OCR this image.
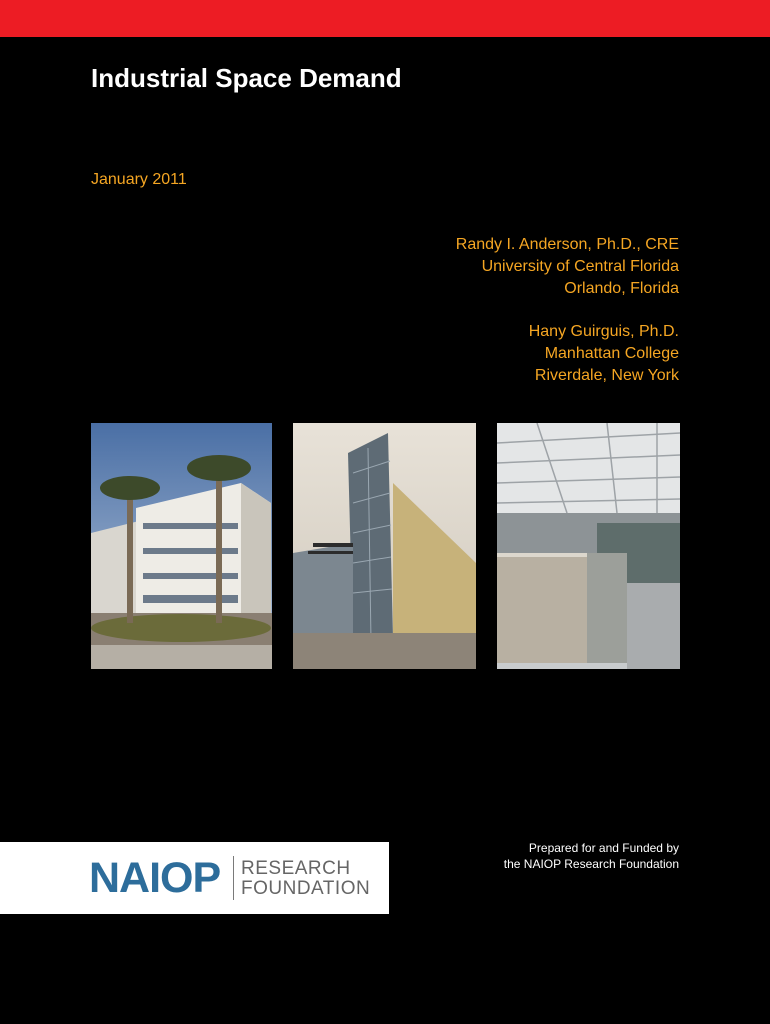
Industrial Space Demand
January 2011
Randy I. Anderson, Ph.D., CRE
University of Central Florida
Orlando, Florida
Hany Guirguis, Ph.D.
Manhattan College
Riverdale, New York
Prepared for and Funded by
the NAIOP Research Foundation
NAIOP RESEARCH
FOUNDATION
